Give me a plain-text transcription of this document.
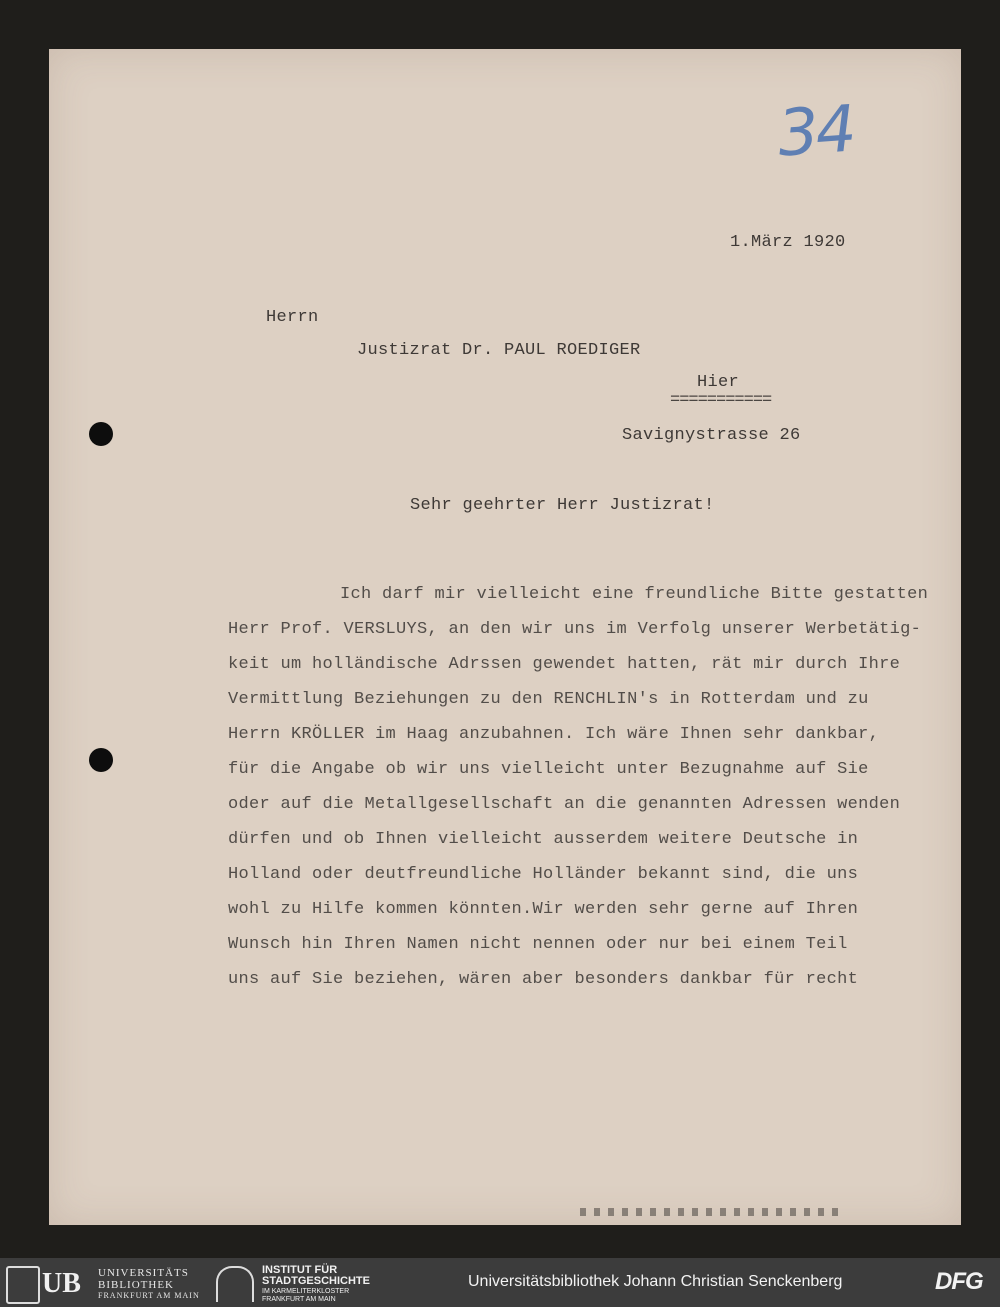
34
1.März 1920
Herrn
Justizrat Dr. PAUL ROEDIGER
Hier
===========
Savignystrasse 26
Sehr geehrter Herr Justizrat!
Ich darf mir vielleicht eine freundliche Bitte gestatten
Herr Prof. VERSLUYS, an den wir uns im Verfolg unserer Werbetätig-
keit um holländische Adrssen gewendet hatten, rät mir durch Ihre
Vermittlung Beziehungen zu den RENCHLIN's in Rotterdam und zu
Herrn KRÖLLER im Haag anzubahnen. Ich wäre Ihnen sehr dankbar,
für die Angabe ob wir uns vielleicht unter Bezugnahme auf Sie
oder auf die Metallgesellschaft an die genannten Adressen wenden
dürfen und ob Ihnen vielleicht ausserdem weitere Deutsche in
Holland oder deutfreundliche Holländer bekannt sind, die uns
wohl zu Hilfe kommen könnten.Wir werden sehr gerne auf Ihren
Wunsch hin Ihren Namen nicht nennen oder nur bei einem Teil
uns auf Sie beziehen, wären aber besonders dankbar für recht
UB UNIVERSITÄTS
BIBLIOTHEK
FRANKFURT AM MAIN
INSTITUT FÜR
STADTGESCHICHTE
IM KARMELITERKLOSTER
FRANKFURT AM MAIN
Universitätsbibliothek Johann Christian Senckenberg	DFG
